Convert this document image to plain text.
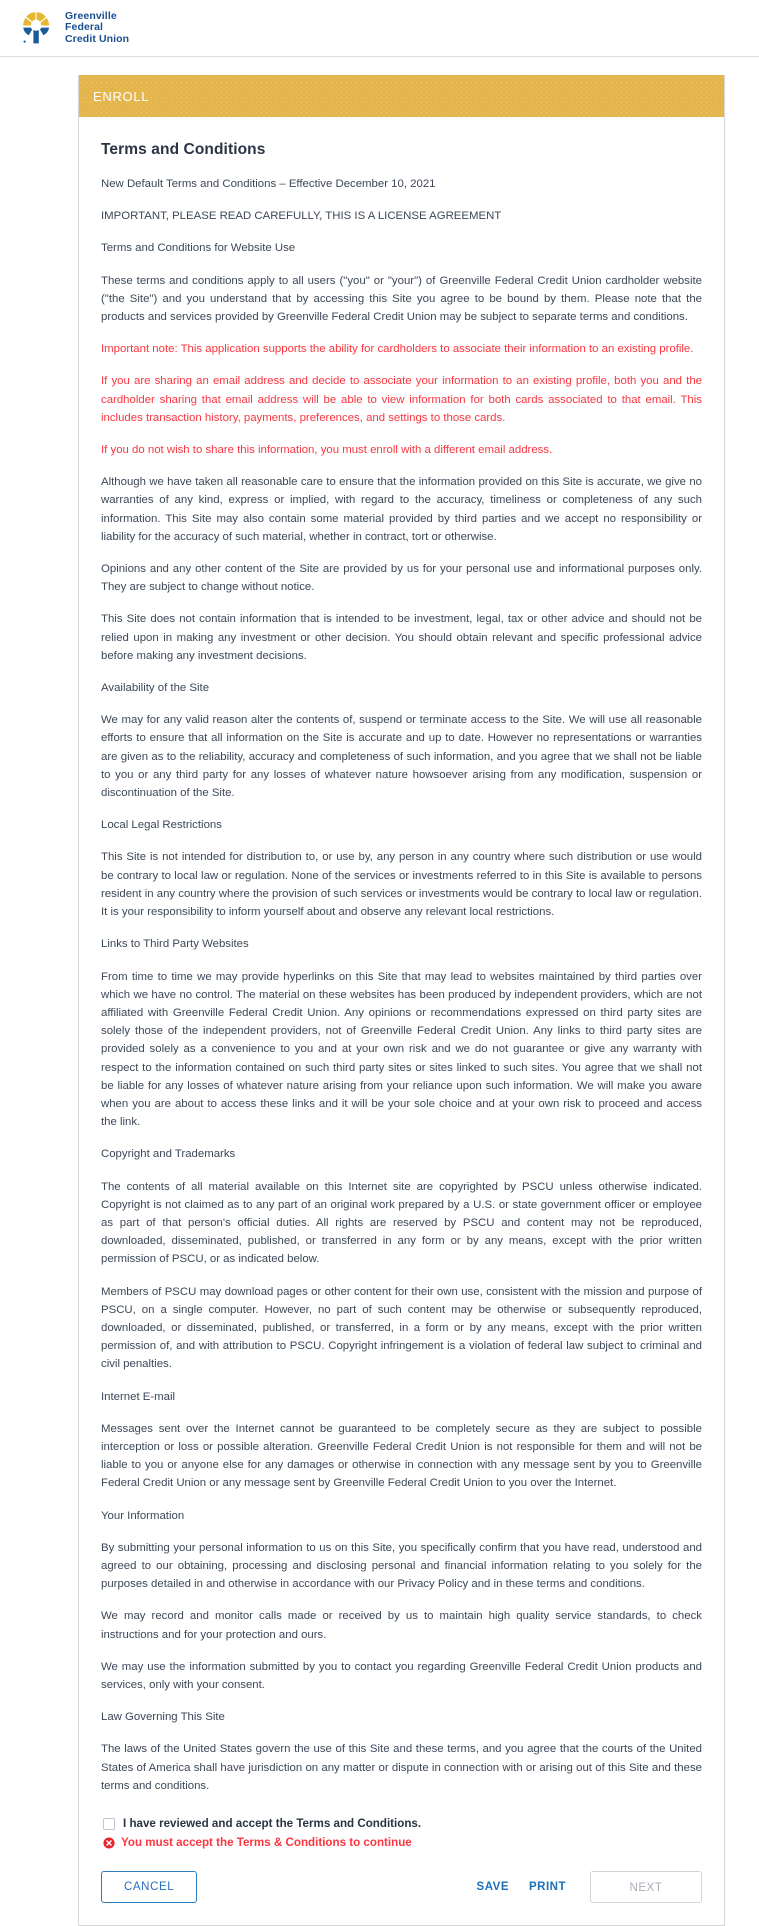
Greenville
Federal
Credit Union
ENROLL
Terms and Conditions

New Default Terms and Conditions – Effective December 10, 2021

IMPORTANT, PLEASE READ CAREFULLY, THIS IS A LICENSE AGREEMENT

Terms and Conditions for Website Use

These terms and conditions apply to all users ("you" or "your") of Greenville Federal Credit Union cardholder website ("the Site") and you understand that by accessing this Site you agree to be bound by them. Please note that the products and services provided by Greenville Federal Credit Union may be subject to separate terms and conditions.

Important note: This application supports the ability for cardholders to associate their information to an existing profile.

If you are sharing an email address and decide to associate your information to an existing profile, both you and the cardholder sharing that email address will be able to view information for both cards associated to that email. This includes transaction history, payments, preferences, and settings to those cards.

If you do not wish to share this information, you must enroll with a different email address.

Although we have taken all reasonable care to ensure that the information provided on this Site is accurate, we give no warranties of any kind, express or implied, with regard to the accuracy, timeliness or completeness of any such information. This Site may also contain some material provided by third parties and we accept no responsibility or liability for the accuracy of such material, whether in contract, tort or otherwise.

Opinions and any other content of the Site are provided by us for your personal use and informational purposes only. They are subject to change without notice.

This Site does not contain information that is intended to be investment, legal, tax or other advice and should not be relied upon in making any investment or other decision. You should obtain relevant and specific professional advice before making any investment decisions.

Availability of the Site

We may for any valid reason alter the contents of, suspend or terminate access to the Site. We will use all reasonable efforts to ensure that all information on the Site is accurate and up to date. However no representations or warranties are given as to the reliability, accuracy and completeness of such information, and you agree that we shall not be liable to you or any third party for any losses of whatever nature howsoever arising from any modification, suspension or discontinuation of the Site.

Local Legal Restrictions

This Site is not intended for distribution to, or use by, any person in any country where such distribution or use would be contrary to local law or regulation. None of the services or investments referred to in this Site is available to persons resident in any country where the provision of such services or investments would be contrary to local law or regulation. It is your responsibility to inform yourself about and observe any relevant local restrictions.

Links to Third Party Websites

From time to time we may provide hyperlinks on this Site that may lead to websites maintained by third parties over which we have no control. The material on these websites has been produced by independent providers, which are not affiliated with Greenville Federal Credit Union. Any opinions or recommendations expressed on third party sites are solely those of the independent providers, not of Greenville Federal Credit Union. Any links to third party sites are provided solely as a convenience to you and at your own risk and we do not guarantee or give any warranty with respect to the information contained on such third party sites or sites linked to such sites. You agree that we shall not be liable for any losses of whatever nature arising from your reliance upon such information. We will make you aware when you are about to access these links and it will be your sole choice and at your own risk to proceed and access the link.

Copyright and Trademarks

The contents of all material available on this Internet site are copyrighted by PSCU unless otherwise indicated. Copyright is not claimed as to any part of an original work prepared by a U.S. or state government officer or employee as part of that person's official duties. All rights are reserved by PSCU and content may not be reproduced, downloaded, disseminated, published, or transferred in any form or by any means, except with the prior written permission of PSCU, or as indicated below.

Members of PSCU may download pages or other content for their own use, consistent with the mission and purpose of PSCU, on a single computer. However, no part of such content may be otherwise or subsequently reproduced, downloaded, or disseminated, published, or transferred, in a form or by any means, except with the prior written permission of, and with attribution to PSCU. Copyright infringement is a violation of federal law subject to criminal and civil penalties.

Internet E-mail

Messages sent over the Internet cannot be guaranteed to be completely secure as they are subject to possible interception or loss or possible alteration. Greenville Federal Credit Union is not responsible for them and will not be liable to you or anyone else for any damages or otherwise in connection with any message sent by you to Greenville Federal Credit Union or any message sent by Greenville Federal Credit Union to you over the Internet.

Your Information

By submitting your personal information to us on this Site, you specifically confirm that you have read, understood and agreed to our obtaining, processing and disclosing personal and financial information relating to you solely for the purposes detailed in and otherwise in accordance with our Privacy Policy and in these terms and conditions.

We may record and monitor calls made or received by us to maintain high quality service standards, to check instructions and for your protection and ours.

We may use the information submitted by you to contact you regarding Greenville Federal Credit Union products and services, only with your consent.

Law Governing This Site

The laws of the United States govern the use of this Site and these terms, and you agree that the courts of the United States of America shall have jurisdiction on any matter or dispute in connection with or arising out of this Site and these terms and conditions.

I have reviewed and accept the Terms and Conditions.
You must accept the Terms & Conditions to continue
CANCEL	SAVE	PRINT	NEXT
